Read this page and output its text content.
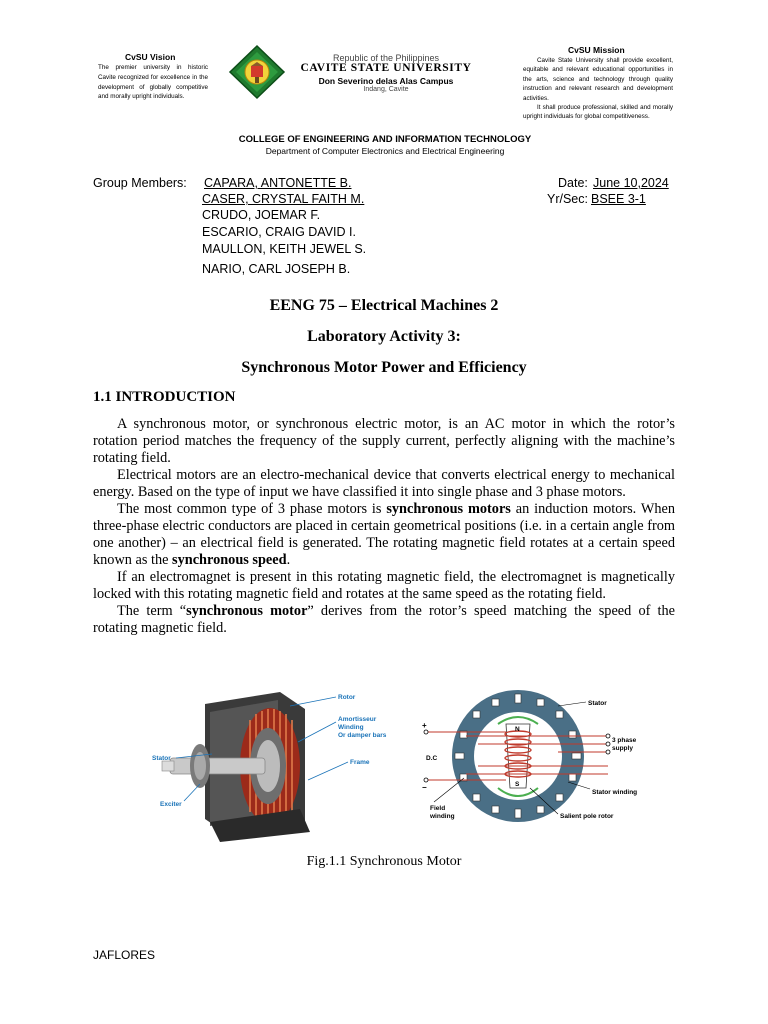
CvSU Vision
The premier university in historic Cavite recognized for excellence in the development of globally competitive and morally upright individuals.
Republic of the Philippines
CAVITE STATE UNIVERSITY
Don Severino delas Alas Campus
Indang, Cavite
CvSU Mission
Cavite State University shall provide excellent, equitable and relevant educational opportunities in the arts, science and technology through quality instruction and relevant research and development activities.
It shall produce professional, skilled and morally upright individuals for global competitiveness.
COLLEGE OF ENGINEERING AND INFORMATION TECHNOLOGY
Department of Computer Electronics and Electrical Engineering
Group Members: CAPARA, ANTONETTE B.
CASER, CRYSTAL FAITH M.
CRUDO, JOEMAR F.
ESCARIO, CRAIG DAVID I.
MAULLON, KEITH JEWEL S.
NARIO, CARL JOSEPH B.
Date: June 10,2024
Yr/Sec: BSEE 3-1
EENG 75 – Electrical Machines 2
Laboratory Activity 3:
Synchronous Motor Power and Efficiency
1.1 INTRODUCTION

A synchronous motor, or synchronous electric motor, is an AC motor in which the rotor’s rotation period matches the frequency of the supply current, perfectly aligning with the machine’s rotating field.

Electrical motors are an electro-mechanical device that converts electrical energy to mechanical energy. Based on the type of input we have classified it into single phase and 3 phase motors.

The most common type of 3 phase motors is synchronous motors an induction motors. When three-phase electric conductors are placed in certain geometrical positions (i.e. in a certain angle from one another) – an electrical field is generated. The rotating magnetic field rotates at a certain speed known as the synchronous speed.

If an electromagnet is present in this rotating magnetic field, the electromagnet is magnetically locked with this rotating magnetic field and rotates at the same speed as the rotating field.

The term “synchronous motor” derives from the rotor’s speed matching the speed of the rotating magnetic field.

Rotor
Amortisseur
Winding
Or damper bars
Stator
Frame
Exciter
Stator
3 phase
supply
D.C
+
−
N
S
Stator winding
Field
winding	Salient pole rotor
Fig.1.1 Synchronous Motor
JAFLORES
